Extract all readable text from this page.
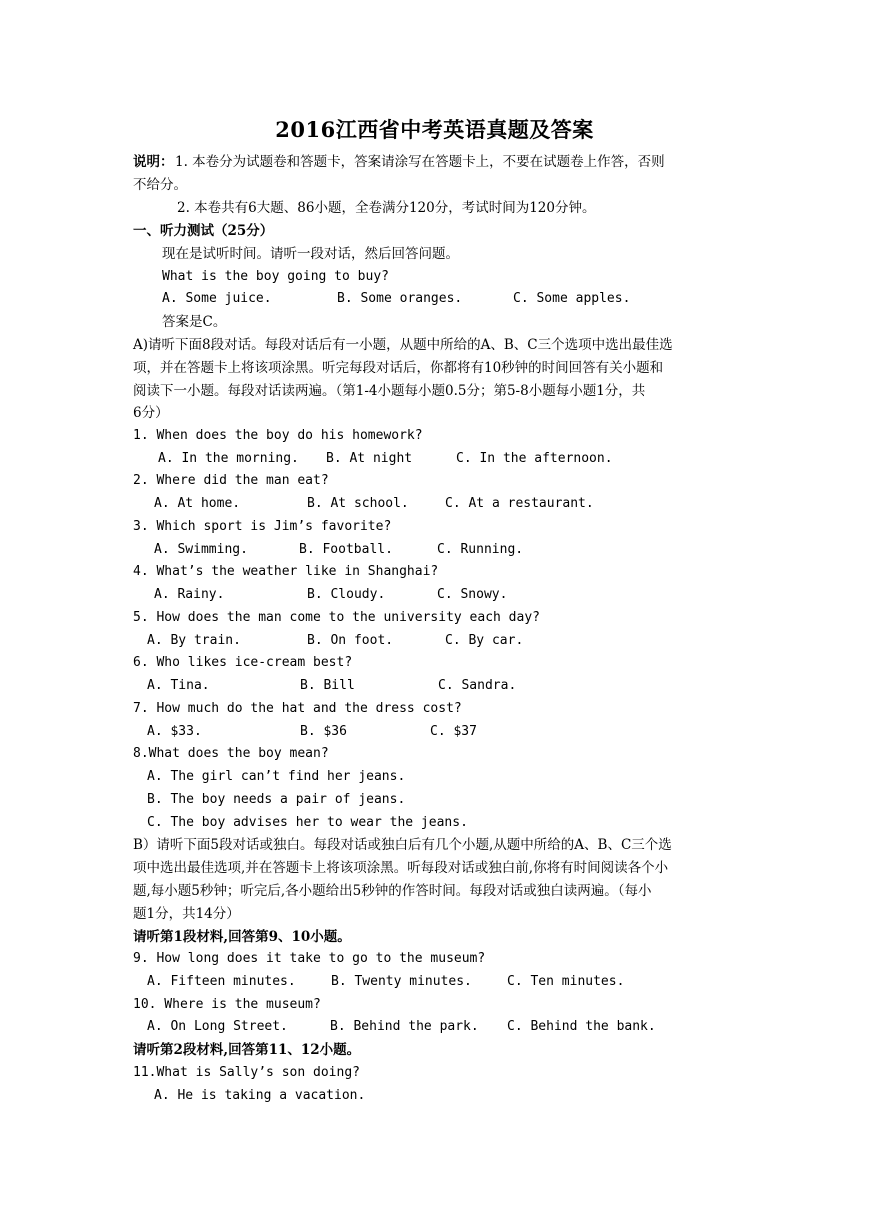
2016江西省中考英语真题及答案
说明： 1. 本卷分为试题卷和答题卡，答案请涂写在答题卡上，不要在试题卷上作答，否则
不给分。
2. 本卷共有6大题、86小题，全卷满分120分，考试时间为120分钟。
一、听力测试（25分）
现在是试听时间。请听一段对话，然后回答问题。
What is the boy going to buy?
A. Some juice.	B. Some oranges.	C. Some apples.
答案是C。
A)请听下面8段对话。每段对话后有一小题，从题中所给的A、B、C三个选项中选出最佳选
项，并在答题卡上将该项涂黑。听完每段对话后，你都将有10秒钟的时间回答有关小题和
阅读下一小题。每段对话读两遍。（第1-4小题每小题0.5分；第5-8小题每小题1分，共
6分）
1. When does the boy do his homework?
A. In the morning. B. At night	C. In the afternoon.
2. Where did the man eat?
A. At home.	B. At school.	C. At a restaurant.
3. Which sport is Jim’s favorite?
A. Swimming.	B. Football.	C. Running.
4. What’s the weather like in Shanghai?
A. Rainy.	B. Cloudy.	C. Snowy.
5. How does the man come to the university each day?
A. By train.	B. On foot.	C. By car.
6. Who likes ice-cream best?
A. Tina.	B. Bill	C. Sandra.
7. How much do the hat and the dress cost?
A. $33.	B. $36	C. $37
8.What does the boy mean?
A. The girl can’t find her jeans.
B. The boy needs a pair of jeans.
C. The boy advises her to wear the jeans.
B）请听下面5段对话或独白。每段对话或独白后有几个小题,从题中所给的A、B、C三个选
项中选出最佳选项,并在答题卡上将该项涂黑。听每段对话或独白前,你将有时间阅读各个小
题,每小题5秒钟；听完后,各小题给出5秒钟的作答时间。每段对话或独白读两遍。（每小
题1分，共14分）
请听第1段材料,回答第9、10小题。
9. How long does it take to go to the museum?
A. Fifteen minutes.	B. Twenty minutes.	C. Ten minutes.
10. Where is the museum?
A. On Long Street.	B. Behind the park. C. Behind the bank.
请听第2段材料,回答第11、12小题。
11.What is Sally’s son doing?
A. He is taking a vacation.
